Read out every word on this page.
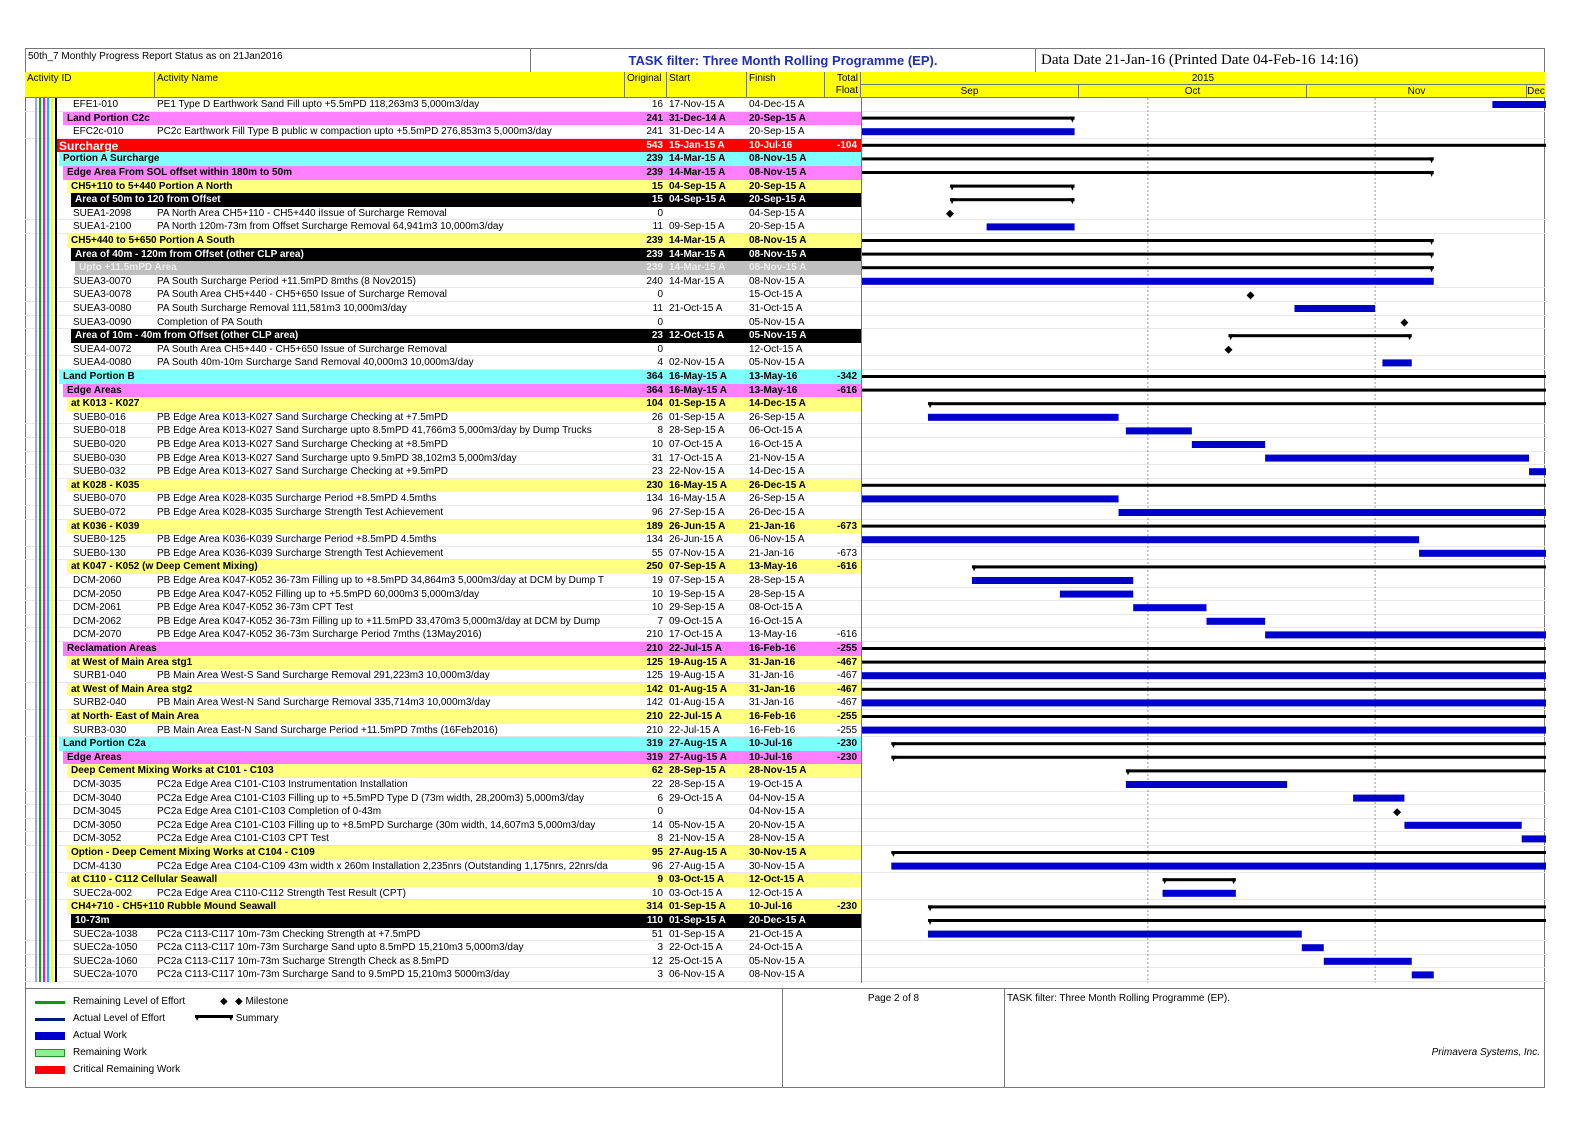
50th_7 Monthly Progress Report Status as on 21Jan2016	TASK filter: Three Month Rolling Programme (EP).	Data Date 21-Jan-16 (Printed Date 04-Feb-16 14:16)
Activity ID	Activity Name	Original Start	Finish	Total
Float
2015
Sep	Oct	Nov	Dec
EFE1-010	PE1 Type D Earthwork Sand Fill upto +5.5mPD 118,263m3 5,000m3/day	16 17-Nov-15 A	04-Dec-15 A
Land Portion C2c	241 31-Dec-14 A	20-Sep-15 A
EFC2c-010	PC2c Earthwork Fill Type B public w compaction upto +5.5mPD 276,853m3 5,000m3/day	241 31-Dec-14 A	20-Sep-15 A
Surcharge	543 15-Jan-15 A	10-Jul-16	-104
Portion A Surcharge	239 14-Mar-15 A	08-Nov-15 A
Edge Area From SOL offset within 180m to 50m	239 14-Mar-15 A	08-Nov-15 A
CH5+110 to 5+440 Portion A North	15 04-Sep-15 A	20-Sep-15 A
Area of 50m to 120 from Offset	15 04-Sep-15 A	20-Sep-15 A
SUEA1-2098	PA North Area CH5+110 - CH5+440 iIssue of Surcharge Removal	0	04-Sep-15 A
SUEA1-2100	PA North 120m-73m from Offset Surcharge Removal 64,941m3 10,000m3/day	11 09-Sep-15 A	20-Sep-15 A
CH5+440 to 5+650 Portion A South	239 14-Mar-15 A	08-Nov-15 A
Area of 40m - 120m from Offset (other CLP area)	239 14-Mar-15 A	08-Nov-15 A
Upto +11.5mPD Area	239 14-Mar-15 A	08-Nov-15 A
SUEA3-0070	PA South Surcharge Period +11.5mPD 8mths (8 Nov2015)	240 14-Mar-15 A	08-Nov-15 A
SUEA3-0078	PA South Area CH5+440 - CH5+650 Issue of Surcharge Removal	0	15-Oct-15 A
SUEA3-0080	PA South Surcharge Removal 111,581m3 10,000m3/day	11 21-Oct-15 A	31-Oct-15 A
SUEA3-0090	Completion of PA South	0	05-Nov-15 A
Area of 10m - 40m from Offset (other CLP area)	23 12-Oct-15 A	05-Nov-15 A
SUEA4-0072	PA South Area CH5+440 - CH5+650 Issue of Surcharge Removal	0	12-Oct-15 A
SUEA4-0080	PA South 40m-10m Surcharge Sand Removal 40,000m3 10,000m3/day	4 02-Nov-15 A	05-Nov-15 A
Land Portion B	364 16-May-15 A	13-May-16	-342
Edge Areas	364 16-May-15 A	13-May-16	-616
at K013 - K027	104 01-Sep-15 A	14-Dec-15 A
SUEB0-016	PB Edge Area K013-K027 Sand Surcharge Checking at +7.5mPD	26 01-Sep-15 A	26-Sep-15 A
SUEB0-018	PB Edge Area K013-K027 Sand Surcharge upto 8.5mPD 41,766m3 5,000m3/day by Dump Trucks	8 28-Sep-15 A	06-Oct-15 A
SUEB0-020	PB Edge Area K013-K027 Sand Surcharge Checking at +8.5mPD	10 07-Oct-15 A	16-Oct-15 A
SUEB0-030	PB Edge Area K013-K027 Sand Surcharge upto 9.5mPD 38,102m3 5,000m3/day	31 17-Oct-15 A	21-Nov-15 A
SUEB0-032	PB Edge Area K013-K027 Sand Surcharge Checking at +9.5mPD	23 22-Nov-15 A	14-Dec-15 A
at K028 - K035	230 16-May-15 A	26-Dec-15 A
SUEB0-070	PB Edge Area K028-K035 Surcharge Period +8.5mPD 4.5mths	134 16-May-15 A	26-Sep-15 A
SUEB0-072	PB Edge Area K028-K035 Surcharge Strength Test Achievement	96 27-Sep-15 A	26-Dec-15 A
at K036 - K039	189 26-Jun-15 A	21-Jan-16	-673
SUEB0-125	PB Edge Area K036-K039 Surcharge Period +8.5mPD 4.5mths	134 26-Jun-15 A	06-Nov-15 A
SUEB0-130	PB Edge Area K036-K039 Surcharge Strength Test Achievement	55 07-Nov-15 A	21-Jan-16	-673
at K047 - K052 (w Deep Cement Mixing)	250 07-Sep-15 A	13-May-16	-616
DCM-2060	PB Edge Area K047-K052 36-73m Filling up to +8.5mPD 34,864m3 5,000m3/day at DCM by Dump T	19 07-Sep-15 A	28-Sep-15 A
DCM-2050	PB Edge Area K047-K052 Filling up to +5.5mPD 60,000m3 5,000m3/day	10 19-Sep-15 A	28-Sep-15 A
DCM-2061	PB Edge Area K047-K052 36-73m CPT Test	10 29-Sep-15 A	08-Oct-15 A
DCM-2062	PB Edge Area K047-K052 36-73m Filling up to +11.5mPD 33,470m3 5,000m3/day at DCM by Dump	7 09-Oct-15 A	16-Oct-15 A
DCM-2070	PB Edge Area K047-K052 36-73m Surcharge Period 7mths (13May2016)	210 17-Oct-15 A	13-May-16	-616
Reclamation Areas	210 22-Jul-15 A	16-Feb-16	-255
at West of Main Area stg1	125 19-Aug-15 A	31-Jan-16	-467
SURB1-040	PB Main Area West-S Sand Surcharge Removal 291,223m3 10,000m3/day	125 19-Aug-15 A	31-Jan-16	-467
at West of Main Area stg2	142 01-Aug-15 A	31-Jan-16	-467
SURB2-040	PB Main Area West-N Sand Surcharge Removal 335,714m3 10,000m3/day	142 01-Aug-15 A	31-Jan-16	-467
at North- East of Main Area	210 22-Jul-15 A	16-Feb-16	-255
SURB3-030	PB Main Area East-N Sand Surcharge Period +11.5mPD 7mths (16Feb2016)	210 22-Jul-15 A	16-Feb-16	-255
Land Portion C2a	319 27-Aug-15 A	10-Jul-16	-230
Edge Areas	319 27-Aug-15 A	10-Jul-16	-230
Deep Cement Mixing Works at C101 - C103	62 28-Sep-15 A	28-Nov-15 A
DCM-3035	PC2a Edge Area C101-C103 Instrumentation Installation	22 28-Sep-15 A	19-Oct-15 A
DCM-3040	PC2a Edge Area C101-C103 Filling up to +5.5mPD Type D (73m width, 28,200m3) 5,000m3/day	6 29-Oct-15 A	04-Nov-15 A
DCM-3045	PC2a Edge Area C101-C103 Completion of 0-43m	0	04-Nov-15 A
DCM-3050	PC2a Edge Area C101-C103 Filling up to +8.5mPD Surcharge (30m width, 14,607m3 5,000m3/day	14 05-Nov-15 A	20-Nov-15 A
DCM-3052	PC2a Edge Area C101-C103 CPT Test	8 21-Nov-15 A	28-Nov-15 A
Option - Deep Cement Mixing Works at C104 - C109	95 27-Aug-15 A	30-Nov-15 A
DCM-4130	PC2a Edge Area C104-C109 43m width x 260m Installation 2,235nrs (Outstanding 1,175nrs, 22nrs/da	96 27-Aug-15 A	30-Nov-15 A
at C110 - C112 Cellular Seawall	9 03-Oct-15 A	12-Oct-15 A
SUEC2a-002	PC2a Edge Area C110-C112 Strength Test Result (CPT)	10 03-Oct-15 A	12-Oct-15 A
CH4+710 - CH5+110 Rubble Mound Seawall	314 01-Sep-15 A	10-Jul-16	-230
10-73m	110 01-Sep-15 A	20-Dec-15 A
SUEC2a-1038	PC2a C113-C117 10m-73m Checking Strength at +7.5mPD	51 01-Sep-15 A	21-Oct-15 A
SUEC2a-1050	PC2a C113-C117 10m-73m Surcharge Sand upto 8.5mPD 15,210m3 5,000m3/day	3 22-Oct-15 A	24-Oct-15 A
SUEC2a-1060	PC2a C113-C117 10m-73m Sucharge Strength Check as 8.5mPD	12 25-Oct-15 A	05-Nov-15 A
SUEC2a-1070	PC2a C113-C117 10m-73m Surcharge Sand to 9.5mPD 15,210m3 5000m3/day	3 06-Nov-15 A	08-Nov-15 A
Remaining Level of Effort	◆ ◆ Milestone
Actual Level of Effort	Summary
Actual Work
Remaining Work
Critical Remaining Work
Page 2 of 8	TASK filter: Three Month Rolling Programme (EP).
Primavera Systems, Inc.
